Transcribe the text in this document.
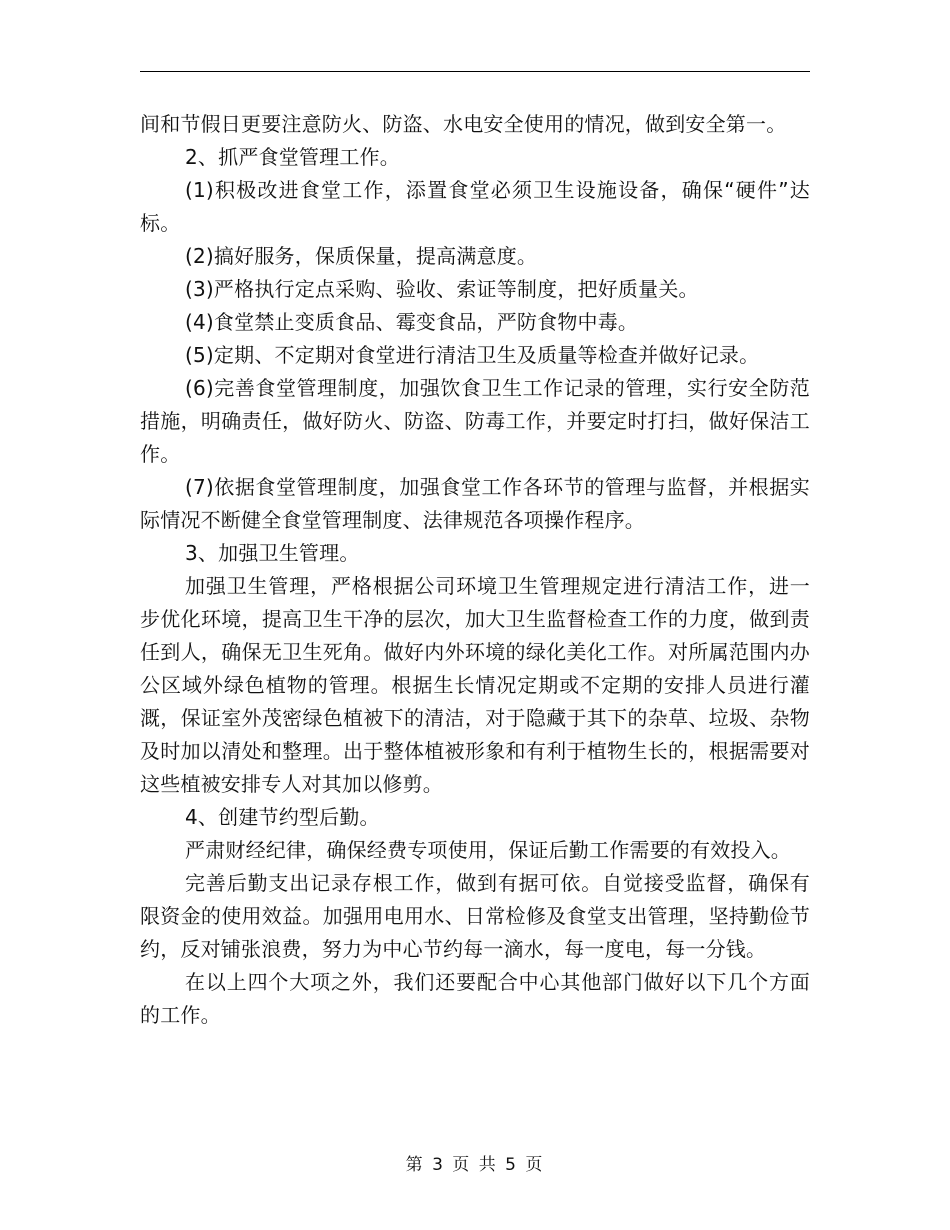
间和节假日更要注意防火、防盗、水电安全使用的情况，做到安全第一。

2、抓严食堂管理工作。

(1)积极改进食堂工作，添置食堂必须卫生设施设备，确保“硬件”达标。

(2)搞好服务，保质保量，提高满意度。

(3)严格执行定点采购、验收、索证等制度，把好质量关。

(4)食堂禁止变质食品、霉变食品，严防食物中毒。

(5)定期、不定期对食堂进行清洁卫生及质量等检查并做好记录。

(6)完善食堂管理制度，加强饮食卫生工作记录的管理，实行安全防范措施，明确责任，做好防火、防盗、防毒工作，并要定时打扫，做好保洁工作。

(7)依据食堂管理制度，加强食堂工作各环节的管理与监督，并根据实际情况不断健全食堂管理制度、法律规范各项操作程序。

3、加强卫生管理。

加强卫生管理，严格根据公司环境卫生管理规定进行清洁工作，进一步优化环境，提高卫生干净的层次，加大卫生监督检查工作的力度，做到责任到人，确保无卫生死角。做好内外环境的绿化美化工作。对所属范围内办公区域外绿色植物的管理。根据生长情况定期或不定期的安排人员进行灌溉，保证室外茂密绿色植被下的清洁，对于隐藏于其下的杂草、垃圾、杂物及时加以清处和整理。出于整体植被形象和有利于植物生长的，根据需要对这些植被安排专人对其加以修剪。

4、创建节约型后勤。

严肃财经纪律，确保经费专项使用，保证后勤工作需要的有效投入。

完善后勤支出记录存根工作，做到有据可依。自觉接受监督，确保有限资金的使用效益。加强用电用水、日常检修及食堂支出管理，坚持勤俭节约，反对铺张浪费，努力为中心节约每一滴水，每一度电，每一分钱。

在以上四个大项之外，我们还要配合中心其他部门做好以下几个方面的工作。

第 3 页 共 5 页
